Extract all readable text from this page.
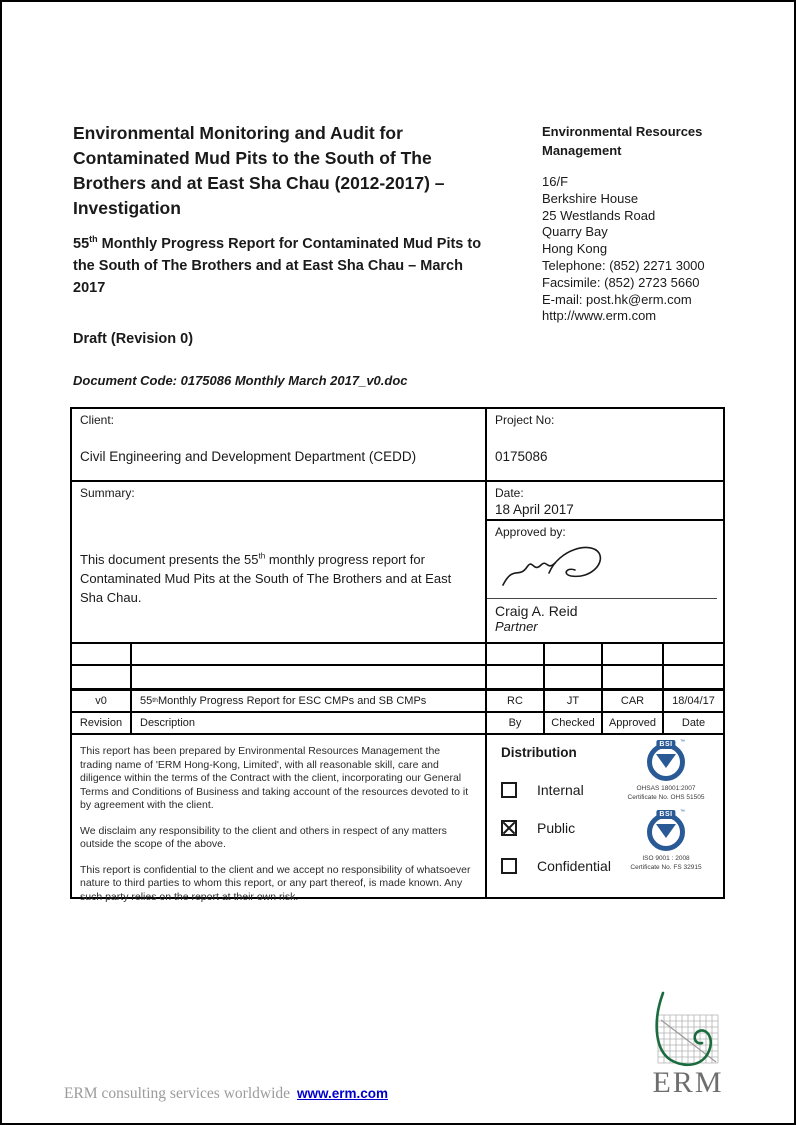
Environmental Monitoring and Audit for Contaminated Mud Pits to the South of The Brothers and at East Sha Chau (2012-2017) – Investigation
55th Monthly Progress Report for Contaminated Mud Pits to the South of The Brothers and at East Sha Chau – March 2017
Draft (Revision 0)
Document Code: 0175086 Monthly March 2017_v0.doc
Environmental Resources Management
16/F
Berkshire House
25 Westlands Road
Quarry Bay
Hong Kong
Telephone: (852) 2271 3000
Facsimile: (852) 2723 5660
E-mail: post.hk@erm.com
http://www.erm.com
Client:
Civil Engineering and Development Department (CEDD)
Project No:
0175086
Summary:
This document presents the 55th monthly progress report for Contaminated Mud Pits at the South of The Brothers and at East Sha Chau.
Date:
18 April 2017
Approved by:
Craig A. Reid
Partner
v0	55 th Monthly Progress Report for ESC CMPs and SB CMPs	RC	JT	CAR	18/04/17
Revision	Description	By	Checked	Approved	Date

This report has been prepared by Environmental Resources Management the trading name of 'ERM Hong-Kong, Limited', with all reasonable skill, care and diligence within the terms of the Contract with the client, incorporating our General Terms and Conditions of Business and taking account of the resources devoted to it by agreement with the client.

We disclaim any responsibility to the client and others in respect of any matters outside the scope of the above.

This report is confidential to the client and we accept no responsibility of whatsoever nature to third parties to whom this report, or any part thereof, is made known. Any such party relies on the report at their own risk.

Distribution
Internal
Public
Confidential
BSI	™
OHSAS 18001:2007
Certificate No. OHS 51505
BSI	™
ISO 9001 : 2008
Certificate No. FS 32915
ERM
ERM consulting services worldwide www.erm.com
